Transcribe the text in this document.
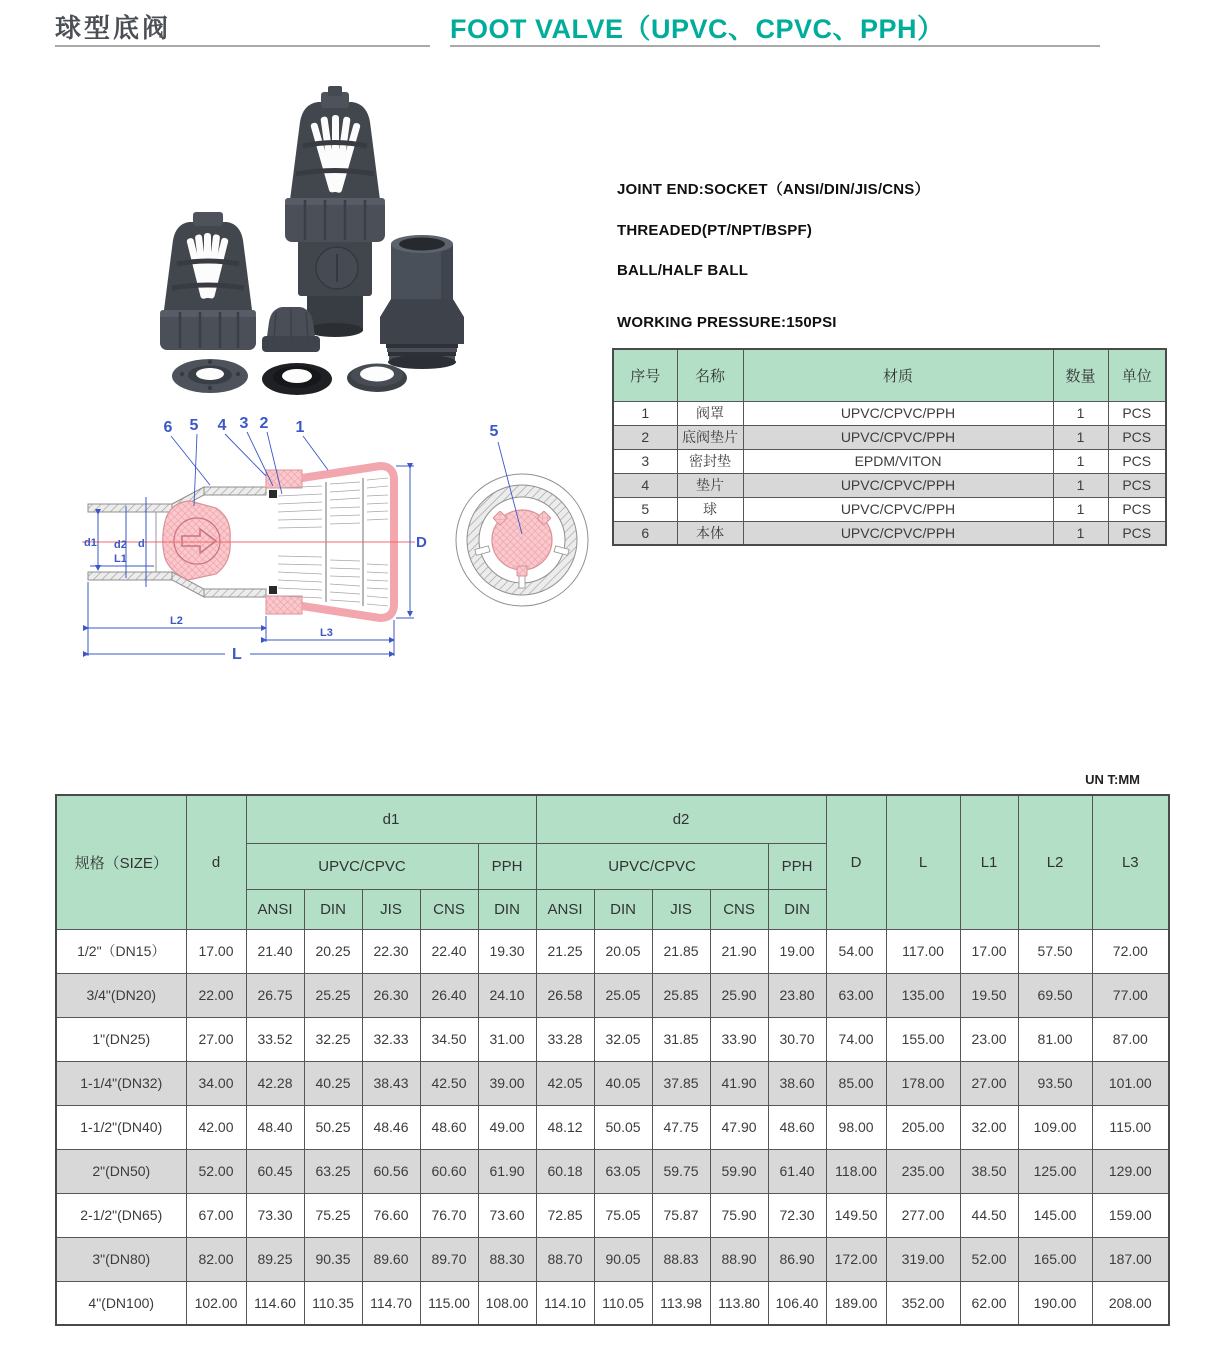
球型底阀	FOOT VALVE（UPVC、CPVC、PPH）
JOINT END:SOCKET（ANSI/DIN/JIS/CNS）
THREADED(PT/NPT/BSPF)
BALL/HALF BALL
WORKING PRESSURE:150PSI
序号	名称	材质	数量	单位
1	阀罩	UPVC/CPVC/PPH	1	PCS
2	底阀垫片	UPVC/CPVC/PPH	1	PCS
3	密封垫	EPDM/VITON	1	PCS
4	垫片	UPVC/CPVC/PPH	1	PCS
5	球	UPVC/CPVC/PPH	1	PCS
6	本体	UPVC/CPVC/PPH	1	PCS
6 5 4 3 2 1
d1 d2 d
L1
L2
L3
L
D
5
UN T:MM
规格（SIZE）	d	d1					d2					D	L	L1	L2	L3
		UPVC/CPVC				PPH	UPVC/CPVC				PPH					
		ANSI	DIN	JIS	CNS	DIN	ANSI	DIN	JIS	CNS	DIN					
1/2"（DN15）	17.00	21.40	20.25	22.30	22.40	19.30	21.25	20.05	21.85	21.90	19.00	54.00	117.00	17.00	57.50	72.00
3/4"(DN20)	22.00	26.75	25.25	26.30	26.40	24.10	26.58	25.05	25.85	25.90	23.80	63.00	135.00	19.50	69.50	77.00
1"(DN25)	27.00	33.52	32.25	32.33	34.50	31.00	33.28	32.05	31.85	33.90	30.70	74.00	155.00	23.00	81.00	87.00
1-1/4"(DN32)	34.00	42.28	40.25	38.43	42.50	39.00	42.05	40.05	37.85	41.90	38.60	85.00	178.00	27.00	93.50	101.00
1-1/2"(DN40)	42.00	48.40	50.25	48.46	48.60	49.00	48.12	50.05	47.75	47.90	48.60	98.00	205.00	32.00	109.00	115.00
2"(DN50)	52.00	60.45	63.25	60.56	60.60	61.90	60.18	63.05	59.75	59.90	61.40	118.00	235.00	38.50	125.00	129.00
2-1/2"(DN65)	67.00	73.30	75.25	76.60	76.70	73.60	72.85	75.05	75.87	75.90	72.30	149.50	277.00	44.50	145.00	159.00
3"(DN80)	82.00	89.25	90.35	89.60	89.70	88.30	88.70	90.05	88.83	88.90	86.90	172.00	319.00	52.00	165.00	187.00
4"(DN100)	102.00	114.60	110.35	114.70	115.00	108.00	114.10	110.05	113.98	113.80	106.40	189.00	352.00	62.00	190.00	208.00
